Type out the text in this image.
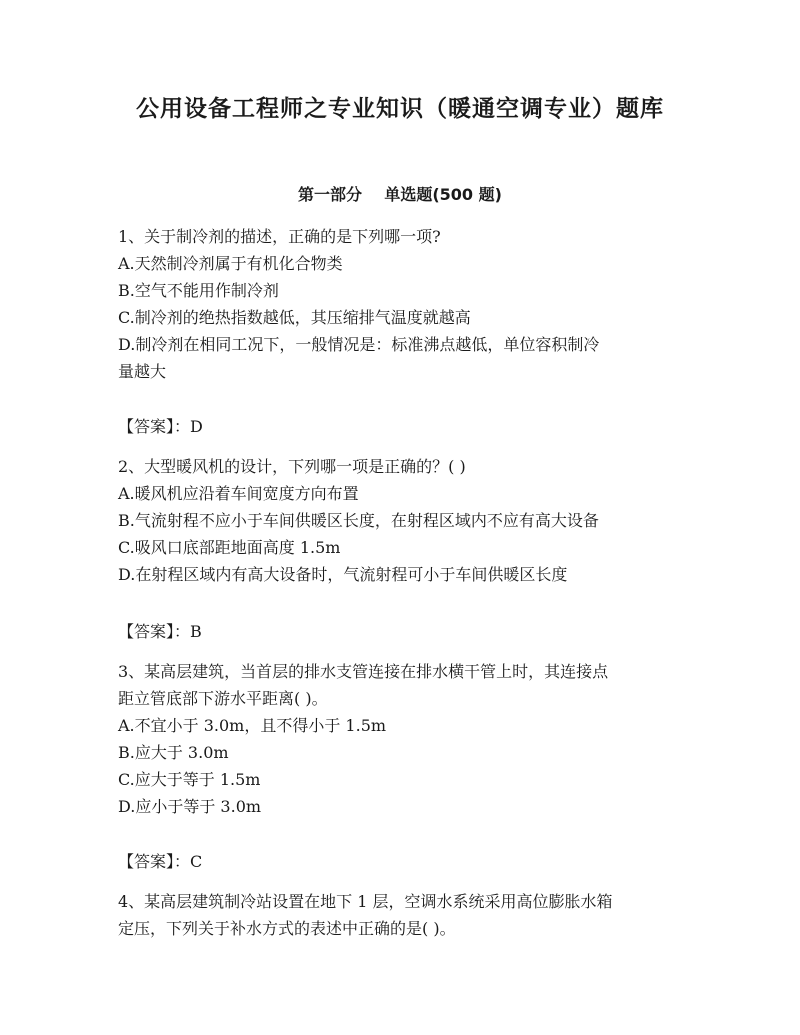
公用设备工程师之专业知识（暖通空调专业）题库
第一部分    单选题(500 题)
1、关于制冷剂的描述，正确的是下列哪一项?
A.天然制冷剂属于有机化合物类
B.空气不能用作制冷剂
C.制冷剂的绝热指数越低，其压缩排气温度就越高
D.制冷剂在相同工况下，一般情况是：标准沸点越低，单位容积制冷
量越大
【答案】：D
2、大型暖风机的设计，下列哪一项是正确的？( )
A.暖风机应沿着车间宽度方向布置
B.气流射程不应小于车间供暖区长度，在射程区域内不应有高大设备
C.吸风口底部距地面高度 1.5m
D.在射程区域内有高大设备时，气流射程可小于车间供暖区长度
【答案】：B
3、某高层建筑，当首层的排水支管连接在排水横干管上时，其连接点
距立管底部下游水平距离( )。
A.不宜小于 3.0m，且不得小于 1.5m
B.应大于 3.0m
C.应大于等于 1.5m
D.应小于等于 3.0m
【答案】：C
4、某高层建筑制冷站设置在地下 1 层，空调水系统采用高位膨胀水箱
定压，下列关于补水方式的表述中正确的是( )。
